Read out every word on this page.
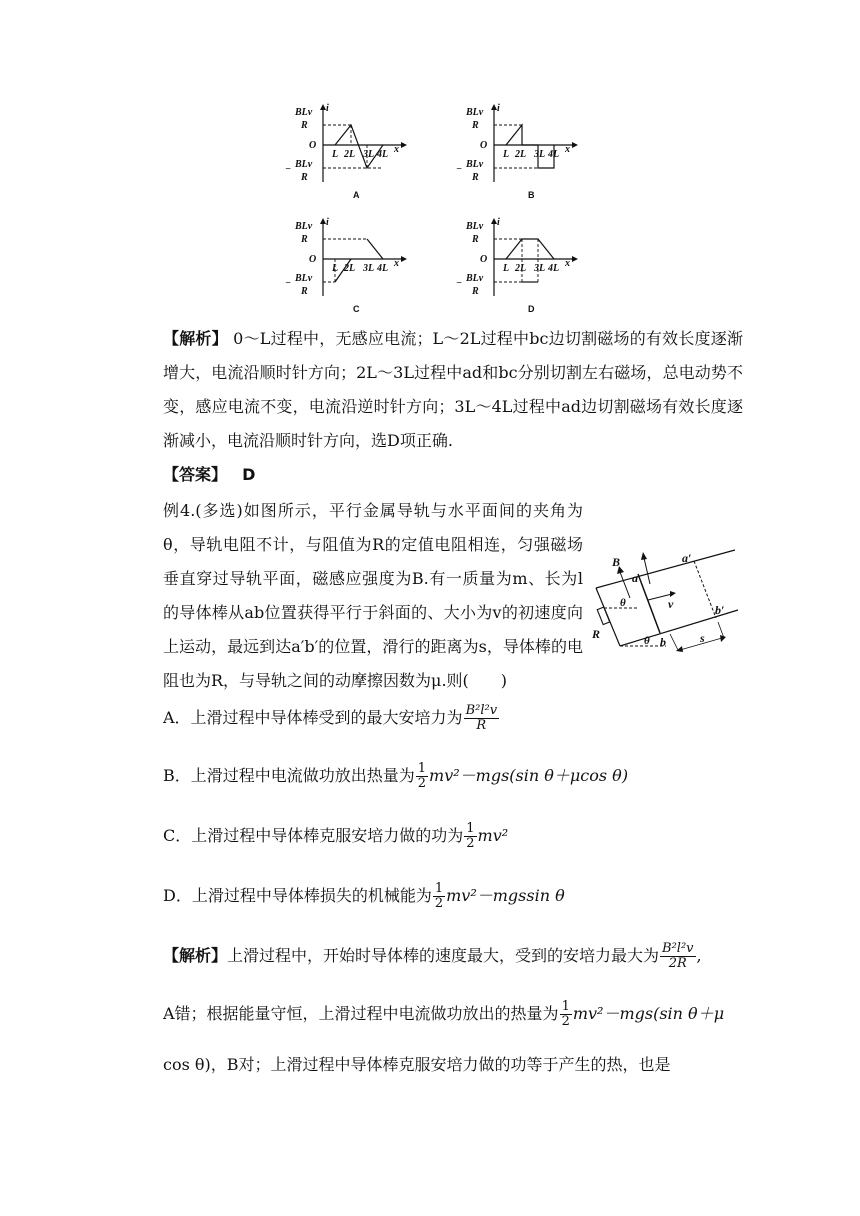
BLv
R
i
O
− BLv
R
L 2L 3L 4L x
A
BLv
R
i
O
− BLv
R
L 2L 3L 4L x
B
BLv
R
i
O
− BLv
R
L 2L 3L 4L x
C
BLv
R
i
O
− BLv
R
L 2L 3L 4L x
D
【解析】 0～L过程中，无感应电流；L～2L过程中bc边切割磁场的有效长度逐渐增大，电流沿顺时针方向；2L～3L过程中ad和bc分别切割左右磁场，总电动势不变，感应电流不变，电流沿逆时针方向；3L～4L过程中ad边切割磁场有效长度逐渐减小，电流沿顺时针方向，选D项正确.
【答案】 D
例4.(多选)如图所示，平行金属导轨与水平面间的夹角为θ，导轨电阻不计，与阻值为R的定值电阻相连，匀强磁场垂直穿过导轨平面，磁感应强度为B.有一质量为m、长为l的导体棒从ab位置获得平行于斜面的、大小为v的初速度向上运动，最远到达a′b′的位置，滑行的距离为s，导体棒的电阻也为R，与导轨之间的动摩擦因数为μ.则(　　)
B
a
a′
b
b′
v
θ
θ
R	s
A．上滑过程中导体棒受到的最大安培力为 $\frac{\text{B²l²v}}{R}$
B．上滑过程中电流做功放出热量为 $\frac{1}{2} mv^2-mgs(\sin$ θ＋μcos θ)
C．上滑过程中导体棒克服安培力做的功为 $\frac{1}{2} mv^2$
D．上滑过程中导体棒损失的机械能为 $\frac{1}{2} mv^2-mgssin$ θ
【解析】上滑过程中，开始时导体棒的速度最大，受到的安培力最大为 $\frac{\text{B²l²v}}{2R}$ ,
A错；根据能量守恒，上滑过程中电流做功放出的热量为 $\frac{1}{2} mv^2-mgs(\sin$ θ＋μ
cos θ)，B对；上滑过程中导体棒克服安培力做的功等于产生的热，也是
